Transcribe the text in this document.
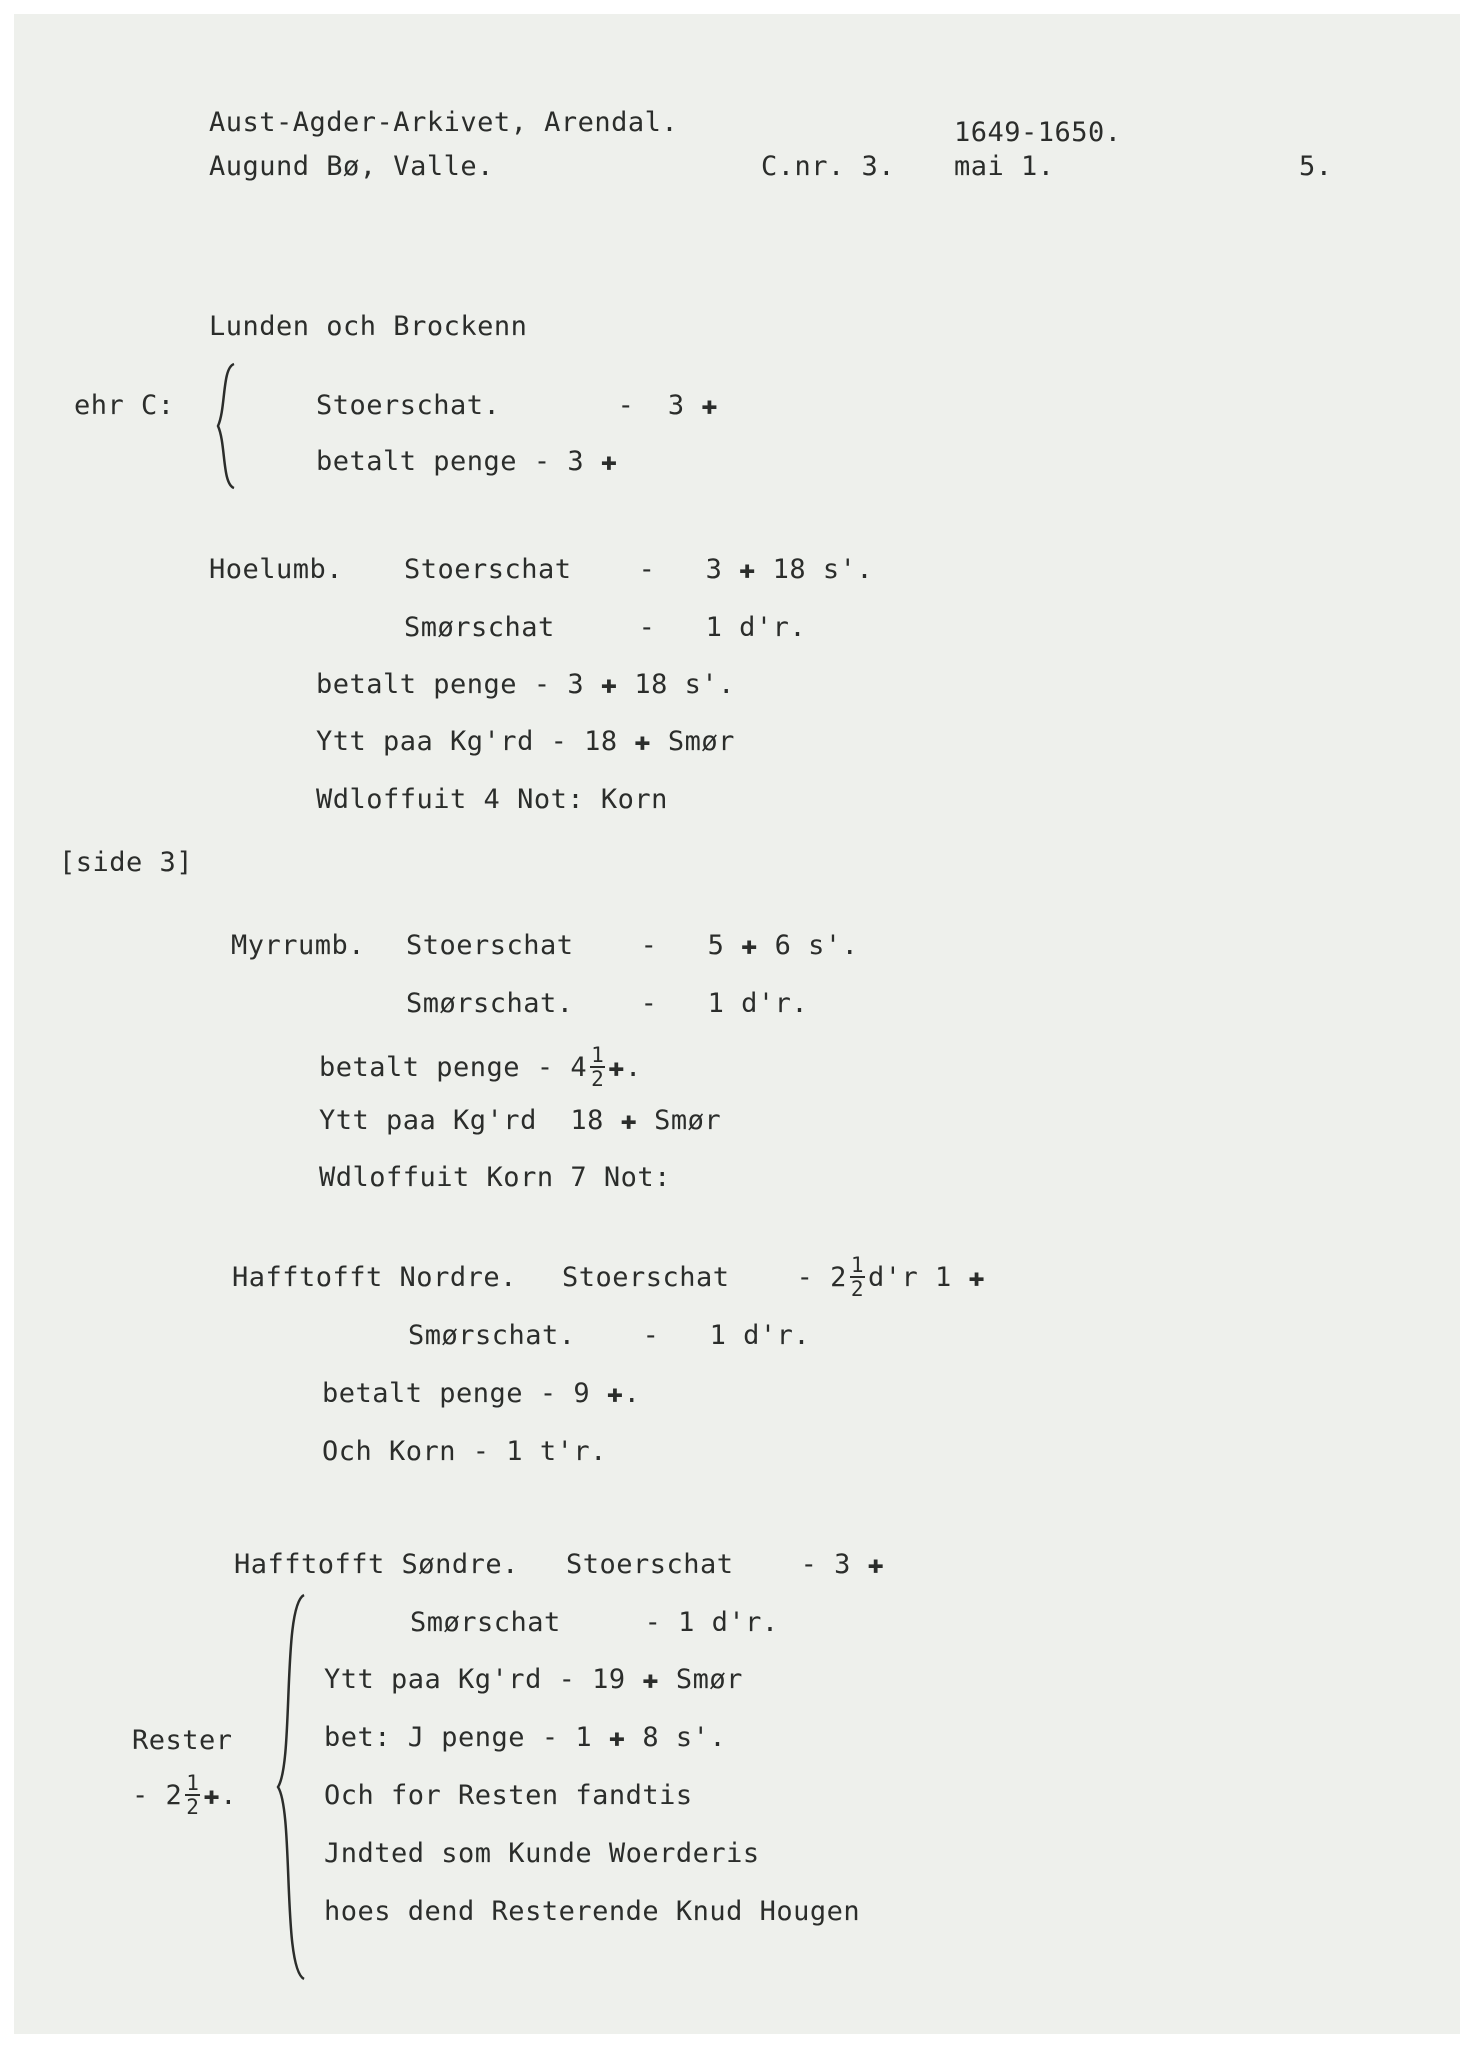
Aust-Agder-Arkivet, Arendal.
Augund Bø, Valle.	C.nr. 3.
1649-1650.
mai 1.	5.
Lunden och Brockenn
ehr C:	Stoerschat.       -  3 ✚
betalt penge - 3 ✚
Hoelumb. Stoerschat    -   3 ✚ 18 s'.
Smørschat     -   1 d'r.
betalt penge - 3 ✚ 18 s'.
Ytt paa Kg'rd - 18 ✚ Smør
Wdloffuit 4 Not: Korn
[side 3]
Myrrumb. Stoerschat    -   5 ✚ 6 s'.
Smørschat.    -   1 d'r.
betalt penge - $4 \frac{1}{2}$ ✚.
Ytt paa Kg'rd  18 ✚ Smør
Wdloffuit Korn 7 Not:
Hafftofft Nordre. Stoerschat    - $2 \frac{1}{2} d'r$ 1 ✚
Smørschat.    -   1 d'r.
betalt penge - 9 ✚.
Och Korn - 1 t'r.
Hafftofft Søndre. Stoerschat    - 3 ✚
Smørschat     - 1 d'r.
Ytt paa Kg'rd - 19 ✚ Smør
bet: J penge - 1 ✚ 8 s'.
Och for Resten fandtis
Jndted som Kunde Woerderis
hoes dend Resterende Knud Hougen
Rester
- $2 \frac{1}{2}$ ✚.
